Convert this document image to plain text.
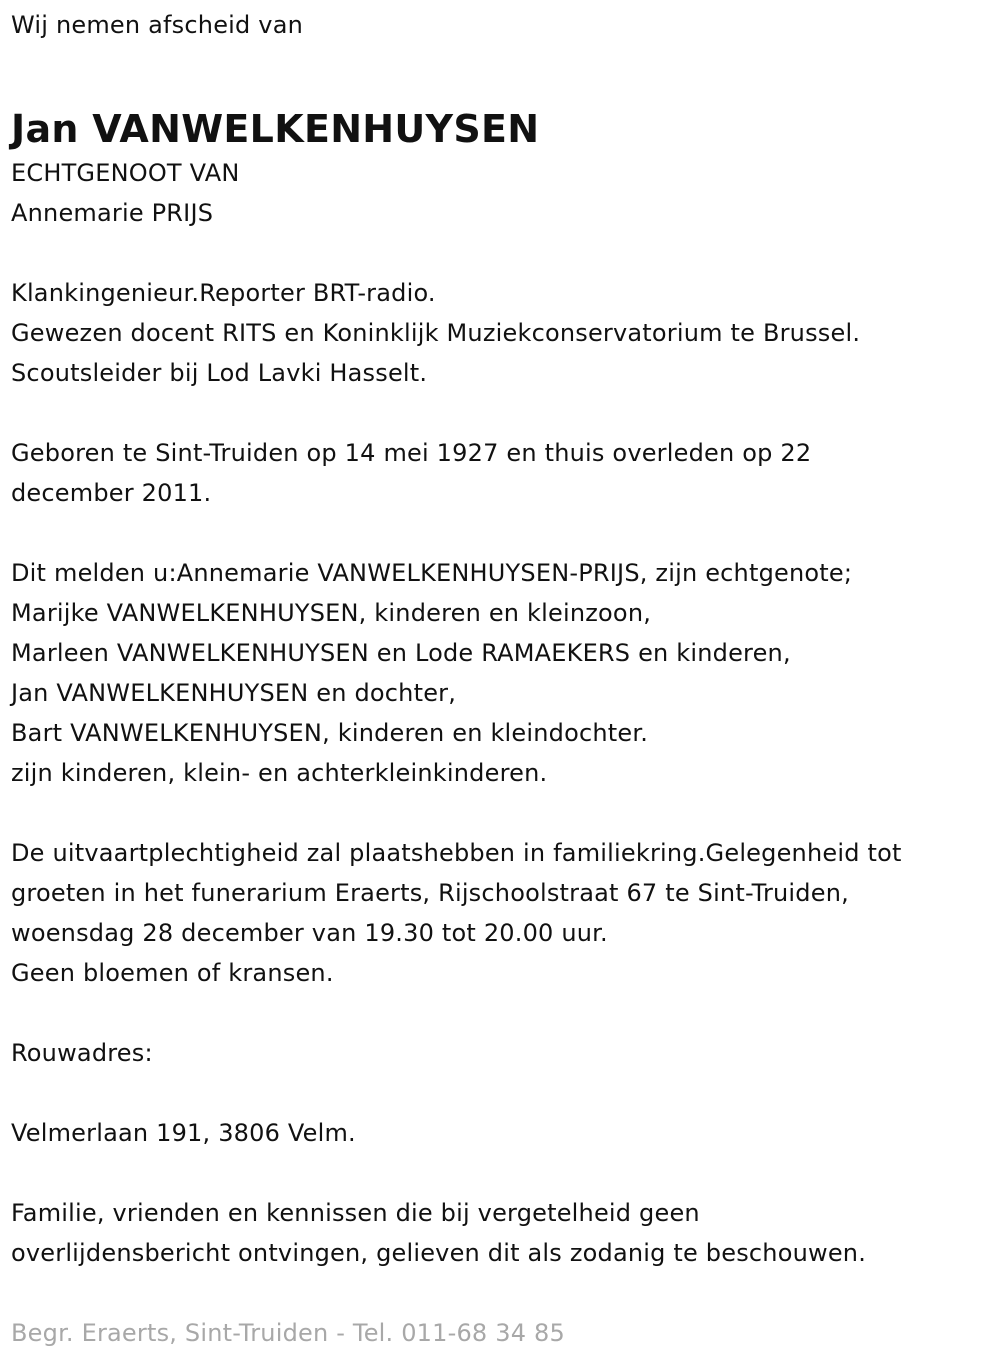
Wij nemen afscheid van
Jan VANWELKENHUYSEN
ECHTGENOOT VAN
Annemarie PRIJS
Klankingenieur.Reporter BRT-radio.
Gewezen docent RITS en Koninklijk Muziekconservatorium te Brussel.
Scoutsleider bij Lod Lavki Hasselt.
Geboren te Sint-Truiden op 14 mei 1927 en thuis overleden op 22
december 2011.
Dit melden u:Annemarie VANWELKENHUYSEN-PRIJS, zijn echtgenote;
Marijke VANWELKENHUYSEN, kinderen en kleinzoon,
Marleen VANWELKENHUYSEN en Lode RAMAEKERS en kinderen,
Jan VANWELKENHUYSEN en dochter,
Bart VANWELKENHUYSEN, kinderen en kleindochter.
zijn kinderen, klein- en achterkleinkinderen.
De uitvaartplechtigheid zal plaatshebben in familiekring.Gelegenheid tot
groeten in het funerarium Eraerts, Rijschoolstraat 67 te Sint-Truiden,
woensdag 28 december van 19.30 tot 20.00 uur.
Geen bloemen of kransen.
Rouwadres:
Velmerlaan 191, 3806 Velm.
Familie, vrienden en kennissen die bij vergetelheid geen
overlijdensbericht ontvingen, gelieven dit als zodanig te beschouwen.
Begr. Eraerts, Sint-Truiden - Tel. 011-68 34 85
